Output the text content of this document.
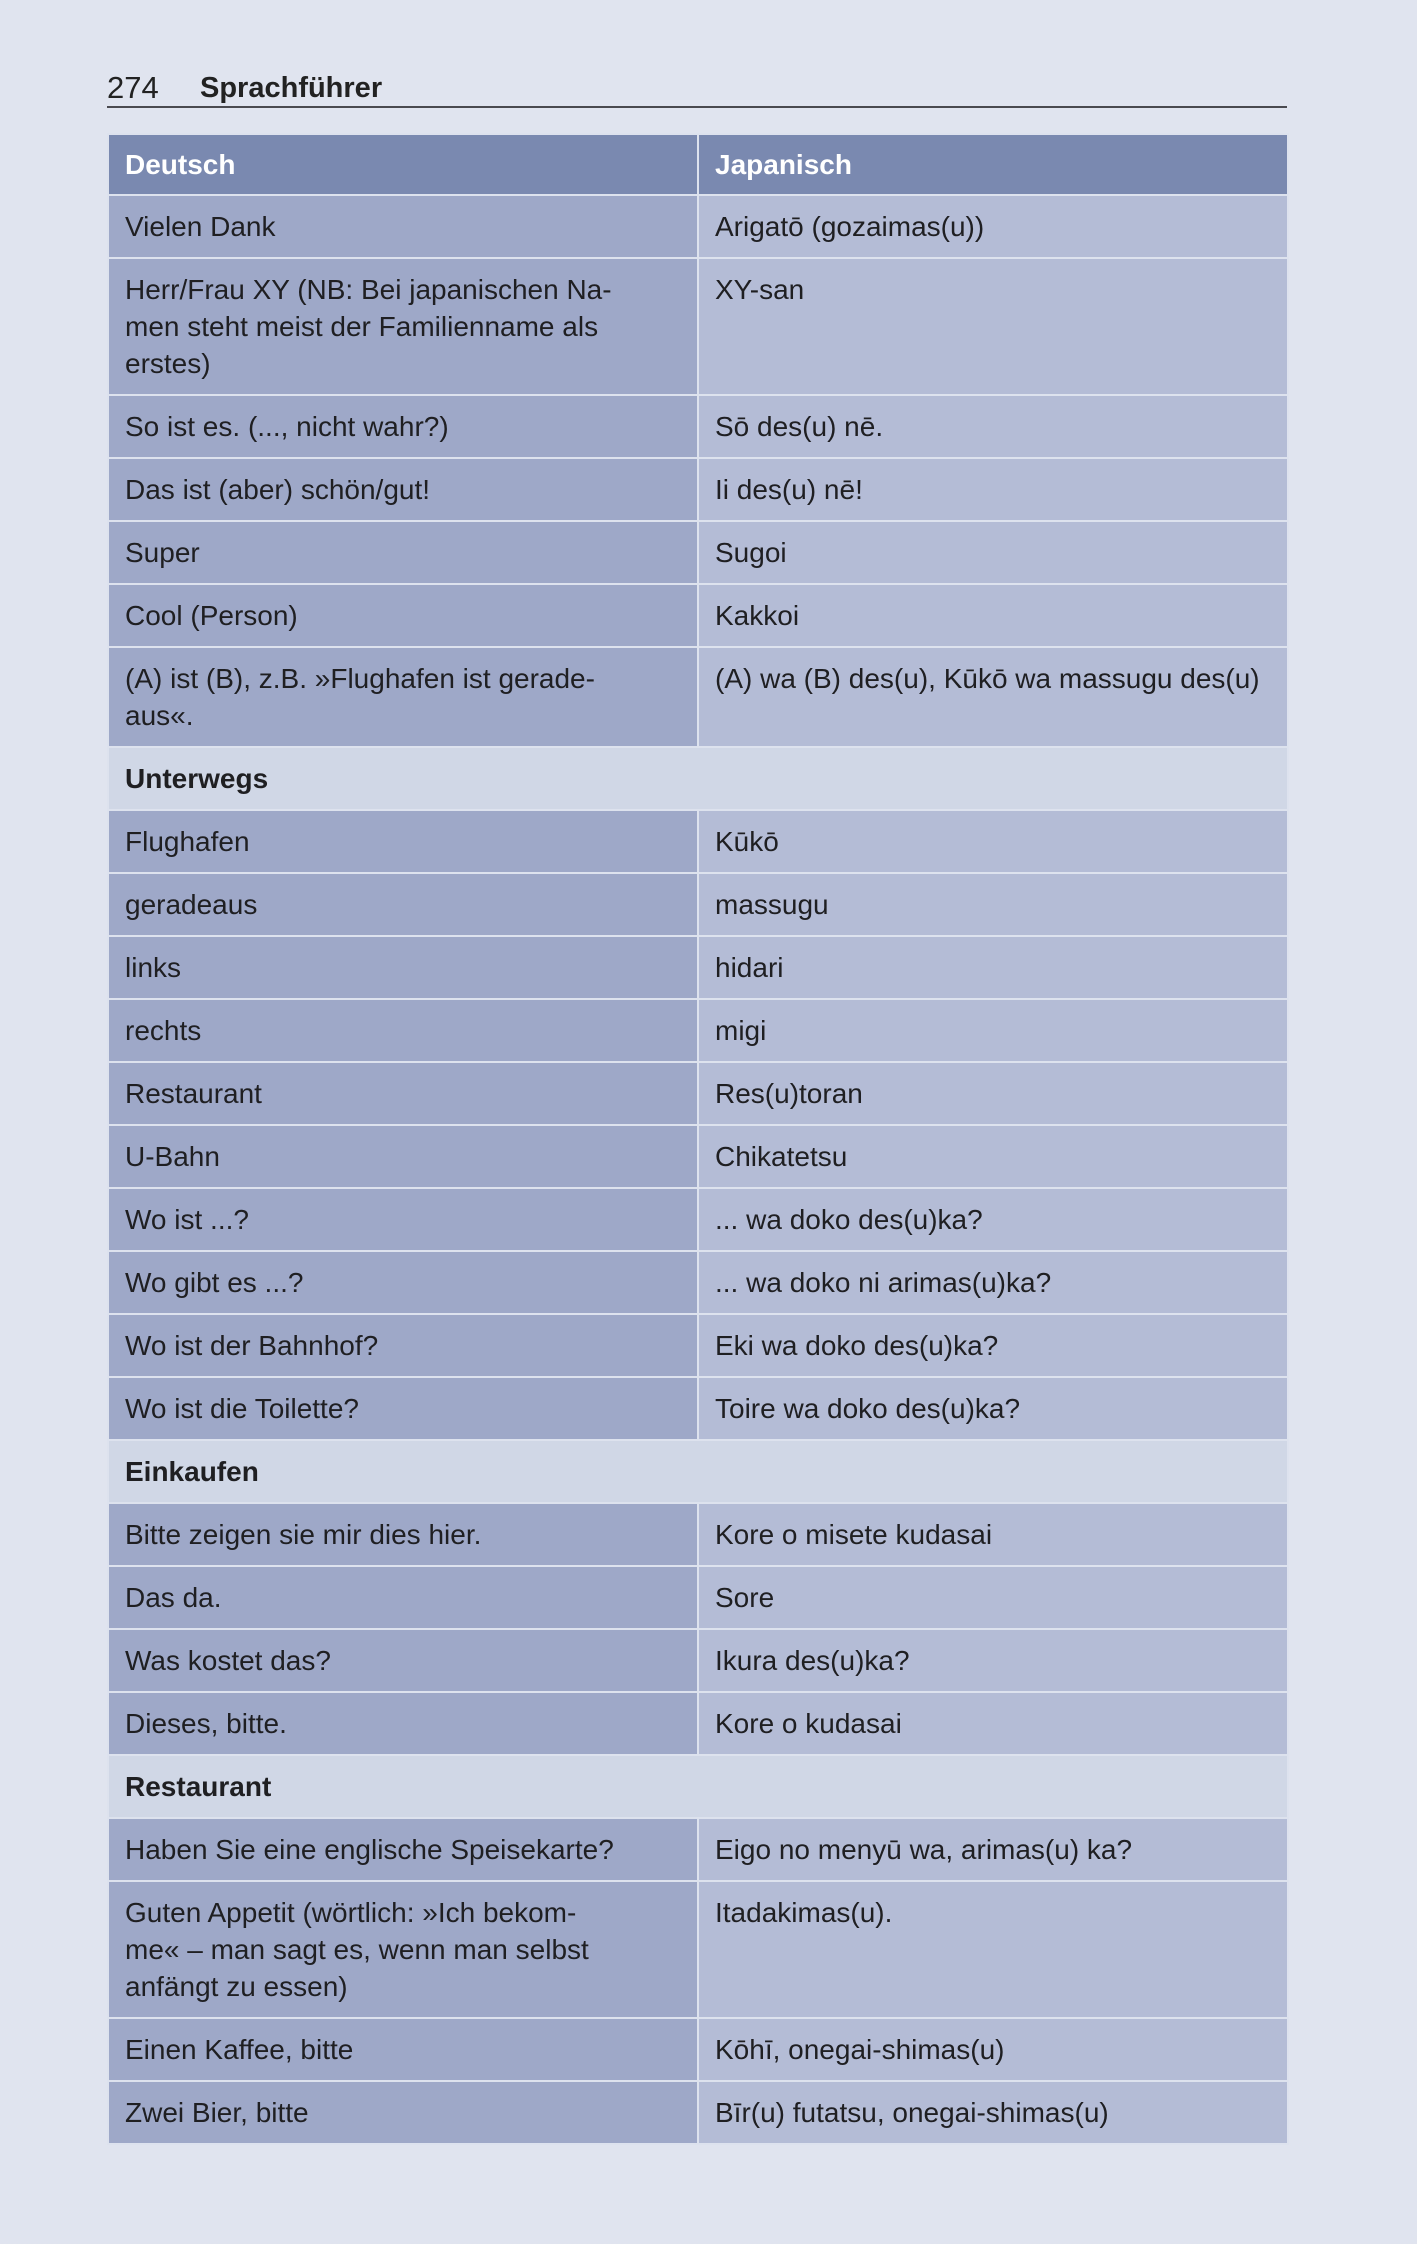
274	Sprachführer
Deutsch	Japanisch
Vielen Dank	Arigatō (gozaimas(u))
Herr/Frau XY (NB: Bei japanischen Na-
men steht meist der Familienname als
erstes)	XY-san
So ist es. (..., nicht wahr?)	Sō des(u) nē.
Das ist (aber) schön/gut!	Ii des(u) nē!
Super	Sugoi
Cool (Person)	Kakkoi
(A) ist (B), z.B. »Flughafen ist gerade-
aus«.	(A) wa (B) des(u), Kūkō wa massugu des(u)
Unterwegs	
Flughafen	Kūkō
geradeaus	massugu
links	hidari
rechts	migi
Restaurant	Res(u)toran
U-Bahn	Chikatetsu
Wo ist ...?	... wa doko des(u)ka?
Wo gibt es ...?	... wa doko ni arimas(u)ka?
Wo ist der Bahnhof?	Eki wa doko des(u)ka?
Wo ist die Toilette?	Toire wa doko des(u)ka?
Einkaufen	
Bitte zeigen sie mir dies hier.	Kore o misete kudasai
Das da.	Sore
Was kostet das?	Ikura des(u)ka?
Dieses, bitte.	Kore o kudasai
Restaurant	
Haben Sie eine englische Speisekarte?	Eigo no menyū wa, arimas(u) ka?
Guten Appetit (wörtlich: »Ich bekom-
me« – man sagt es, wenn man selbst
anfängt zu essen)	Itadakimas(u).
Einen Kaffee, bitte	Kōhī, onegai-shimas(u)
Zwei Bier, bitte	Bīr(u) futatsu, onegai-shimas(u)
